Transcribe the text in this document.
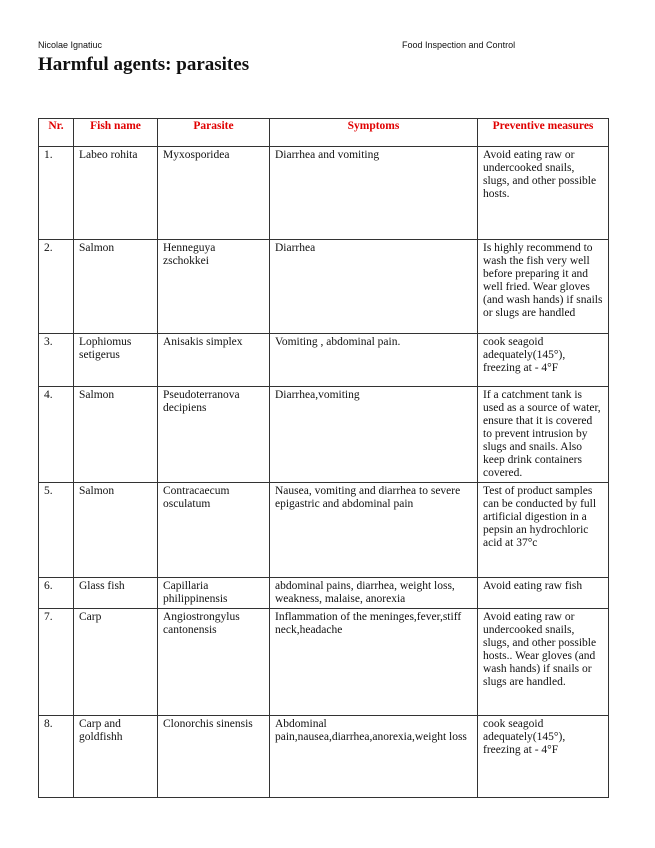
Nicolae Ignatiuc	Food Inspection and Control
Harmful agents: parasites
Nr.	Fish name	Parasite	Symptoms	Preventive measures
1.	Labeo rohita	Myxosporidea	Diarrhea and vomiting	Avoid eating raw or undercooked snails, slugs, and other possible hosts.
2.	Salmon	Henneguya zschokkei	Diarrhea	Is highly recommend to wash the fish very well before preparing it and well fried. Wear gloves (and wash hands) if snails or slugs are handled
3.	Lophiomus setigerus	Anisakis simplex	Vomiting , abdominal pain.	cook seagoid adequately(145°), freezing at - 4°F
4.	Salmon	Pseudoterranova decipiens	Diarrhea,vomiting	If a catchment tank is used as a source of water, ensure that it is covered to prevent intrusion by slugs and snails. Also keep drink containers covered.
5.	Salmon	Contracaecum osculatum	Nausea, vomiting and diarrhea to severe epigastric and abdominal pain	Test of product samples can be conducted by full artificial digestion in a pepsin an hydrochloric acid at 37°c
6.	Glass fish	Capillaria philippinensis	abdominal pains, diarrhea, weight loss, weakness, malaise, anorexia	Avoid eating raw fish
7.	Carp	Angiostrongylus cantonensis	Inflammation of the meninges,fever,stiff neck,headache	Avoid eating raw or undercooked snails, slugs, and other possible hosts.. Wear gloves (and wash hands) if snails or slugs are handled.
8.	Carp and goldfishh	Clonorchis sinensis	Abdominal pain,nausea,diarrhea,anorexia,weight loss	cook seagoid adequately(145°), freezing at - 4°F
